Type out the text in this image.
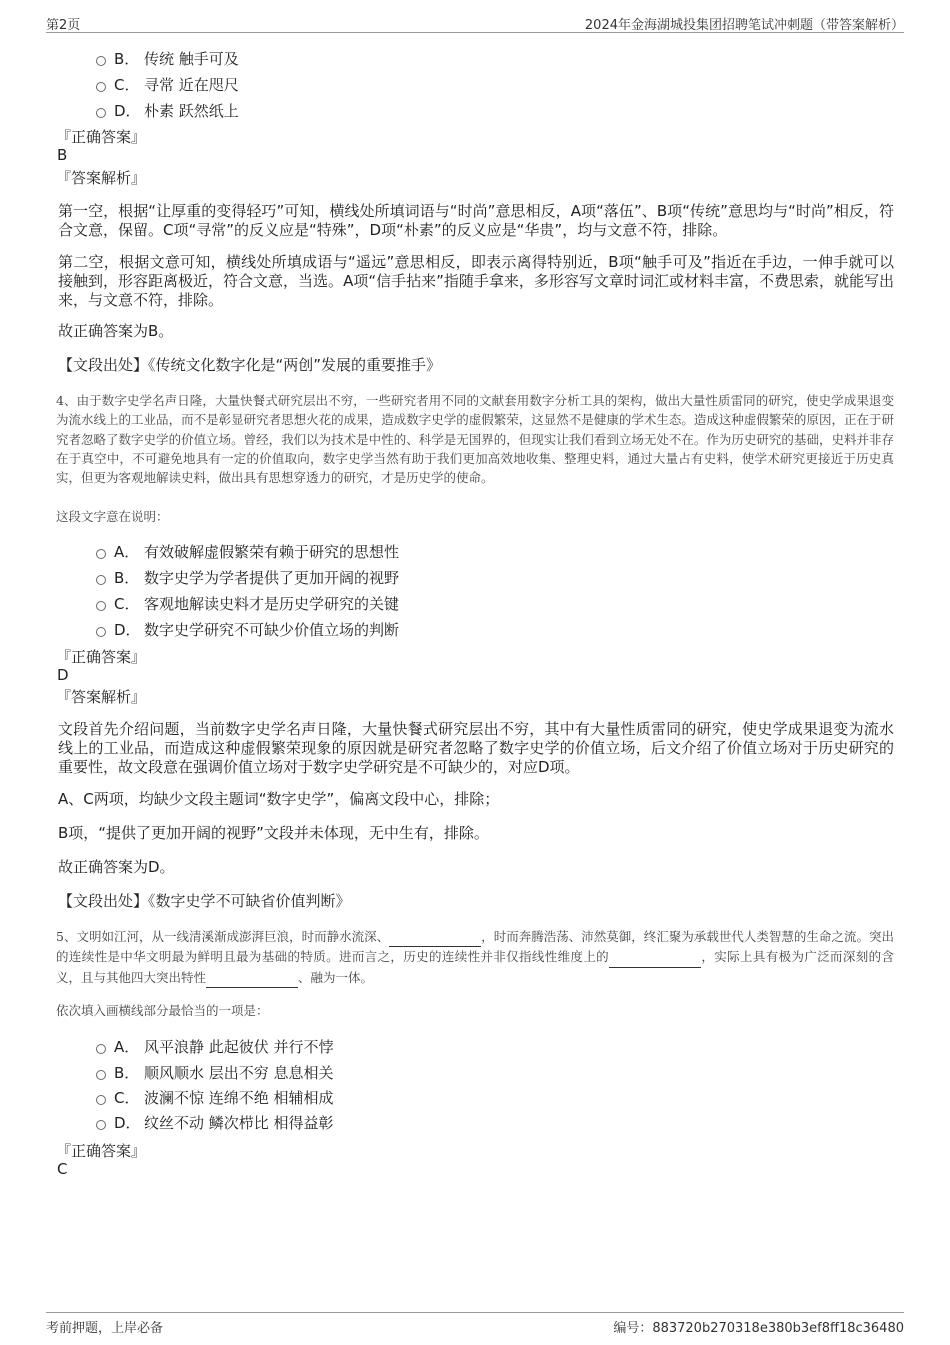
第2页	2024年金海湖城投集团招聘笔试冲刺题（带答案解析）
B． 传统 触手可及
C． 寻常 近在咫尺
D． 朴素 跃然纸上
『正确答案』
B
『答案解析』
第一空，根据“让厚重的变得轻巧”可知，横线处所填词语与“时尚”意思相反，A项“落伍”、B项“传统”意思均与“时尚”相反，符合文意，保留。C项“寻常”的反义应是“特殊”，D项“朴素”的反义应是“华贵”，均与文意不符，排除。
第二空，根据文意可知，横线处所填成语与“遥远”意思相反，即表示离得特别近，B项“触手可及”指近在手边，一伸手就可以接触到，形容距离极近，符合文意，当选。A项“信手拈来”指随手拿来，多形容写文章时词汇或材料丰富，不费思索，就能写出来，与文意不符，排除。
故正确答案为B。
【文段出处】《传统文化数字化是“两创”发展的重要推手》
4、由于数字史学名声日隆，大量快餐式研究层出不穷，一些研究者用不同的文献套用数字分析工具的架构，做出大量性质雷同的研究，使史学成果退变为流水线上的工业品，而不是彰显研究者思想火花的成果，造成数字史学的虚假繁荣，这显然不是健康的学术生态。造成这种虚假繁荣的原因，正在于研究者忽略了数字史学的价值立场。曾经，我们以为技术是中性的、科学是无国界的，但现实让我们看到立场无处不在。作为历史研究的基础，史料并非存在于真空中，不可避免地具有一定的价值取向，数字史学当然有助于我们更加高效地收集、整理史料，通过大量占有史料，使学术研究更接近于历史真实，但更为客观地解读史料，做出具有思想穿透力的研究，才是历史学的使命。
这段文字意在说明：
A． 有效破解虚假繁荣有赖于研究的思想性
B． 数字史学为学者提供了更加开阔的视野
C． 客观地解读史料才是历史学研究的关键
D． 数字史学研究不可缺少价值立场的判断
『正确答案』
D
『答案解析』
文段首先介绍问题，当前数字史学名声日隆，大量快餐式研究层出不穷，其中有大量性质雷同的研究，使史学成果退变为流水线上的工业品，而造成这种虚假繁荣现象的原因就是研究者忽略了数字史学的价值立场，后文介绍了价值立场对于历史研究的重要性，故文段意在强调价值立场对于数字史学研究是不可缺少的，对应D项。
A、C两项，均缺少文段主题词“数字史学”，偏离文段中心，排除；
B项，“提供了更加开阔的视野”文段并未体现，无中生有，排除。
故正确答案为D。
【文段出处】《数字史学不可缺省价值判断》
5、文明如江河，从一线清溪渐成澎湃巨浪，时而静水流深、	，时而奔腾浩荡、沛然莫御，终汇聚为承载世代人类智慧的生命之流。突出的连续性是中华文明最为鲜明且最为基础的特质。进而言之，历史的连续性并非仅指线性维度上的	，实际上具有极为广泛而深刻的含义，且与其他四大突出特性	、融为一体。
依次填入画横线部分最恰当的一项是：
A． 风平浪静 此起彼伏 并行不悖
B． 顺风顺水 层出不穷 息息相关
C． 波澜不惊 连绵不绝 相辅相成
D． 纹丝不动 鳞次栉比 相得益彰
『正确答案』
C
考前押题，上岸必备	编号：883720b270318e380b3ef8ff18c36480
